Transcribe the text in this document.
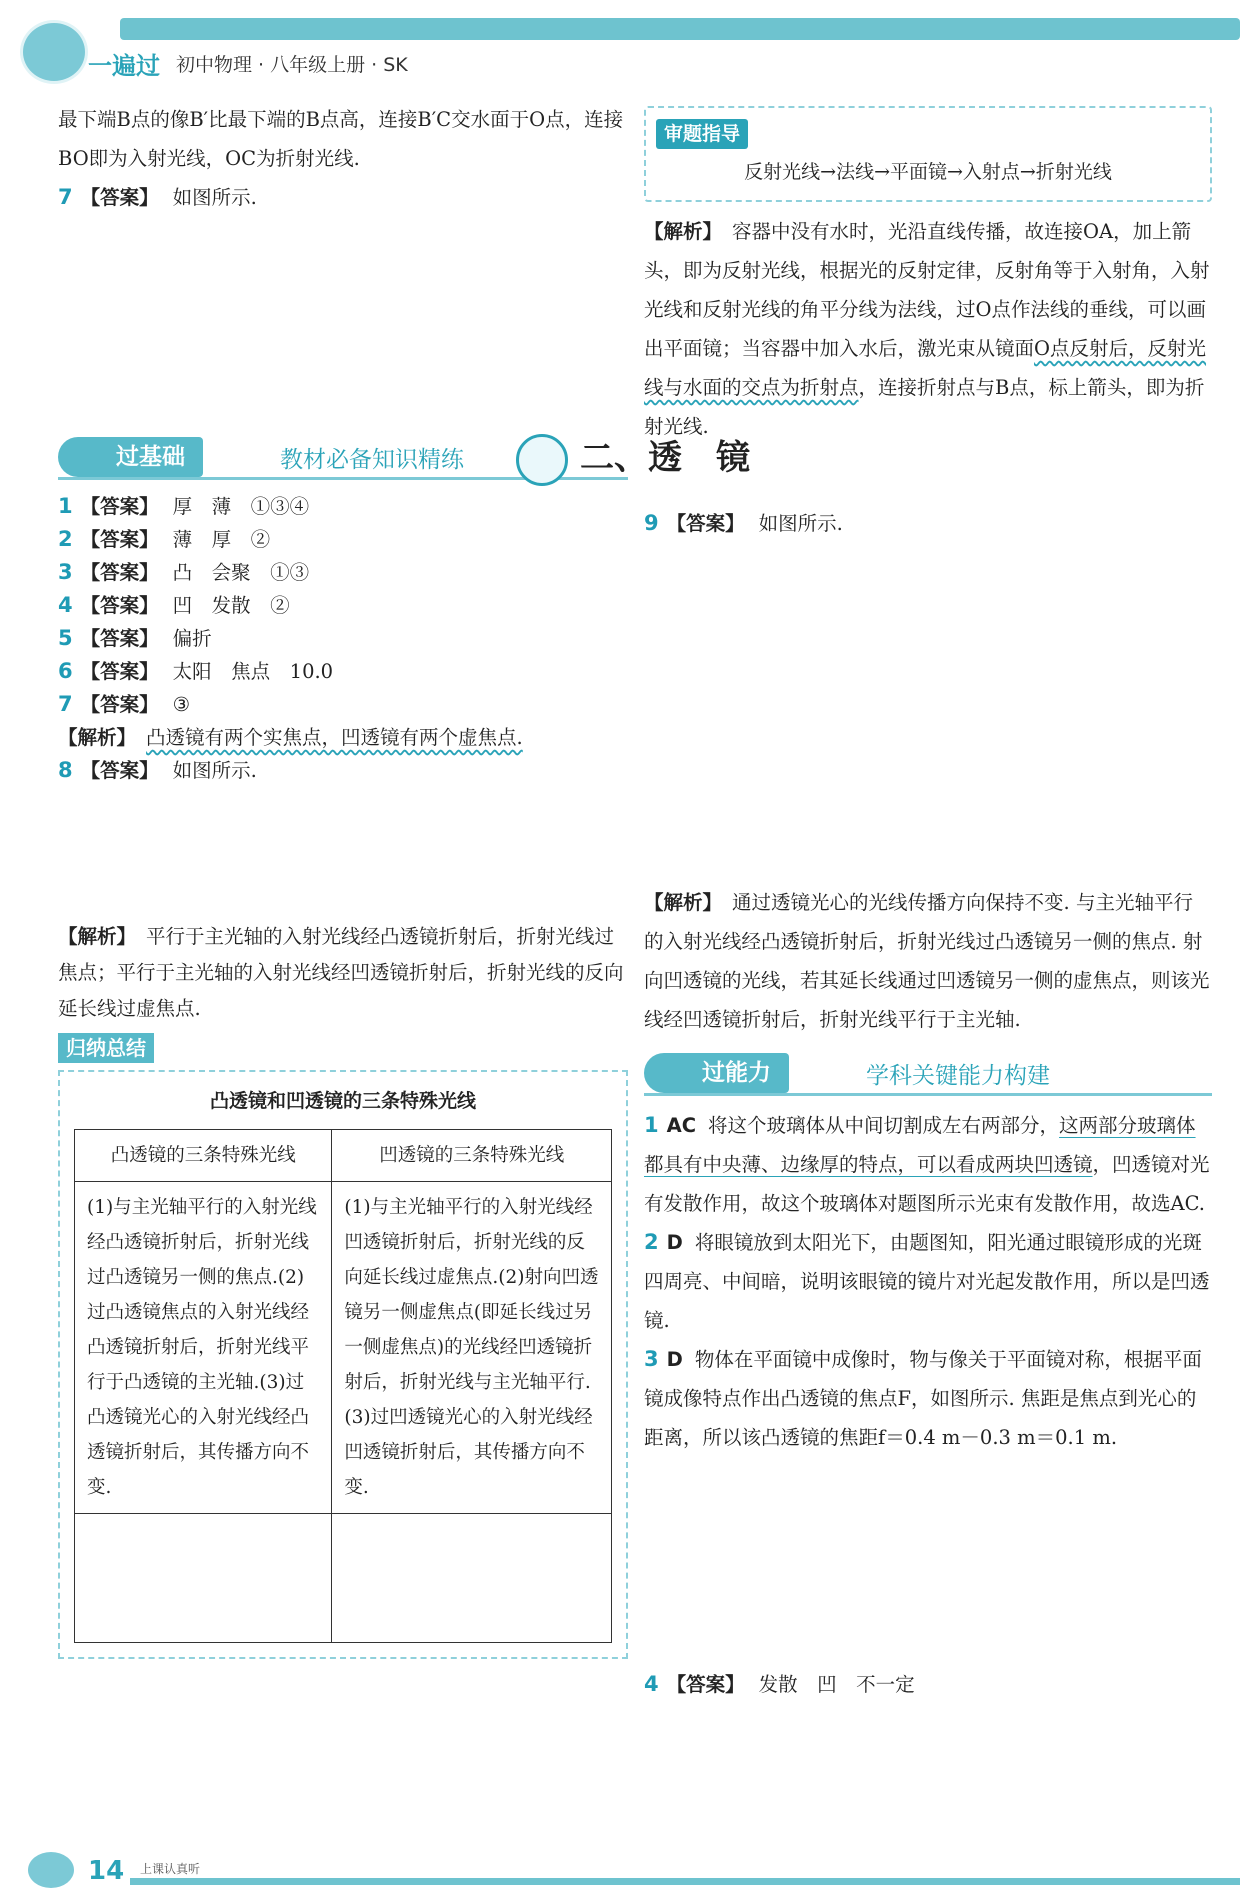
一遍过 初中物理 · 八年级上册 · SK

最下端B点的像B′比最下端的B点高，连接B′C交水面于O点，连接BO即为入射光线，OC为折射光线.

7 【 答案 】 如图所示.

过基础	教材必备知识精练

1 【 答案 】 厚　薄　①③④

2 【 答案 】 薄　厚　②

3 【 答案 】 凸　会聚　①③

4 【 答案 】 凹　发散　②

5 【 答案 】 偏折

6 【 答案 】 太阳　焦点　10.0

7 【 答案 】 ③

【 解析 】 凸透镜有两个实焦点，凹透镜有两个虚焦点.

8 【 答案 】 如图所示.

【 解析 】 平行于主光轴的入射光线经凸透镜折射后，折射光线过焦点；平行于主光轴的入射光线经凹透镜折射后，折射光线的反向延长线过虚焦点.

归纳总结
凸透镜和凹透镜的三条特殊光线
凸透镜的三条特殊光线	凹透镜的三条特殊光线
(1)与主光轴平行的入射光线经凸透镜折射后，折射光线过凸透镜另一侧的焦点.(2)过凸透镜焦点的入射光线经凸透镜折射后，折射光线平行于凸透镜的主光轴.(3)过凸透镜光心的入射光线经凸透镜折射后，其传播方向不变.	(1)与主光轴平行的入射光线经凹透镜折射后，折射光线的反向延长线过虚焦点.(2)射向凹透镜另一侧虚焦点(即延长线过另一侧虚焦点)的光线经凹透镜折射后，折射光线与主光轴平行.(3)过凹透镜光心的入射光线经凹透镜折射后，其传播方向不变.

二、透　镜
审题指导
反射光线→法线→平面镜→入射点→折射光线

【 解析 】 容器中没有水时，光沿直线传播，故连接OA，加上箭头，即为反射光线，根据光的反射定律，反射角等于入射角，入射光线和反射光线的角平分线为法线，过O点作法线的垂线，可以画出平面镜；当容器中加入水后，激光束从镜面O点反射后，反射光线与水面的交点为折射点，连接折射点与B点，标上箭头，即为折射光线.

9 【 答案 】 如图所示.

【 解析 】 通过透镜光心的光线传播方向保持不变. 与主光轴平行的入射光线经凸透镜折射后，折射光线过凸透镜另一侧的焦点. 射向凹透镜的光线，若其延长线通过凹透镜另一侧的虚焦点，则该光线经凹透镜折射后，折射光线平行于主光轴.

过能力	学科关键能力构建

1 AC 将这个玻璃体从中间切割成左右两部分，这两部分玻璃体都具有中央薄、边缘厚的特点，可以看成两块凹透镜，凹透镜对光有发散作用，故这个玻璃体对题图所示光束有发散作用，故选AC.

2 D 将眼镜放到太阳光下，由题图知，阳光通过眼镜形成的光斑四周亮、中间暗，说明该眼镜的镜片对光起发散作用，所以是凹透镜.

3 D 物体在平面镜中成像时，物与像关于平面镜对称，根据平面镜成像特点作出凸透镜的焦点F，如图所示. 焦距是焦点到光心的距离，所以该凸透镜的焦距f＝0.4 m－0.3 m＝0.1 m.

4 【 答案 】 发散　凹　不一定

14 上课认真听
